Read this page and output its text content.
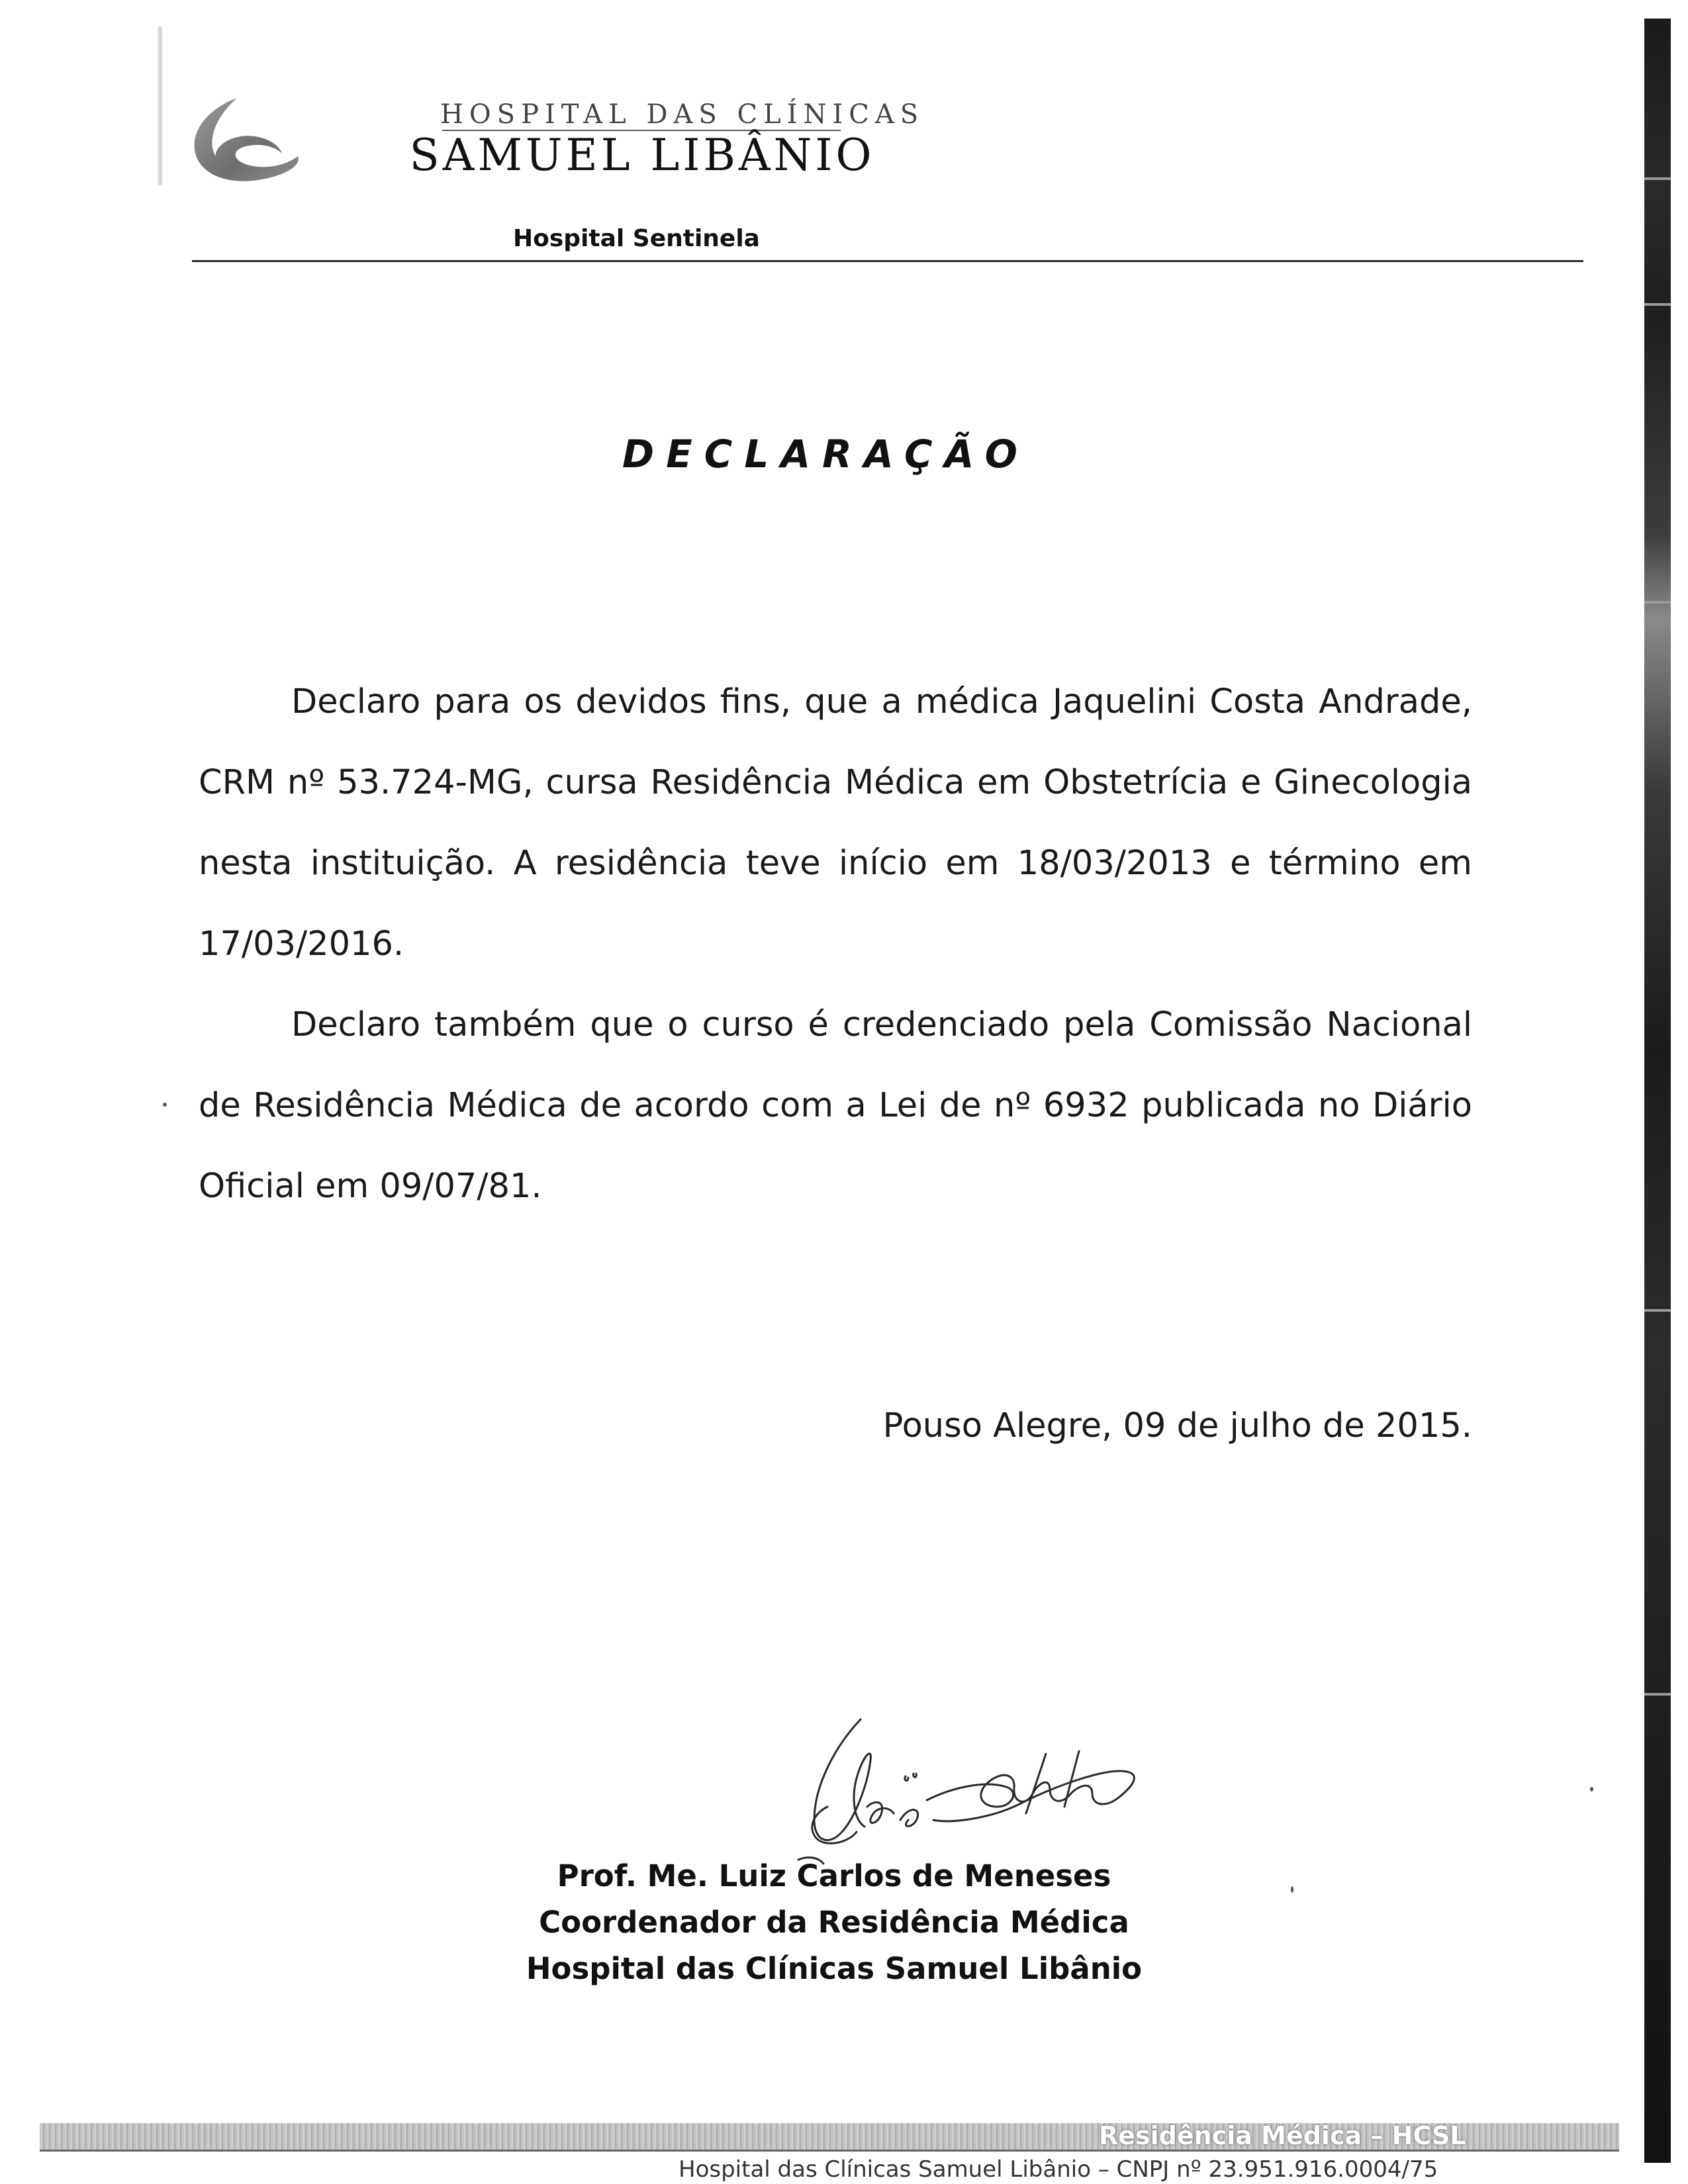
HOSPITAL DAS CLÍNICAS
SAMUEL LIBÂNIO
Hospital Sentinela
DECLARAÇÃO

Declaro para os devidos fins, que a médica Jaquelini Costa Andrade, CRM nº 53.724-MG, cursa Residência Médica em Obstetrícia e Ginecologia nesta instituição. A residência teve início em 18/03/2013 e término em 17/03/2016.

Declaro também que o curso é credenciado pela Comissão Nacional de Residência Médica de acordo com a Lei de nº 6932 publicada no Diário Oficial em 09/07/81.

Pouso Alegre, 09 de julho de 2015.
Prof. Me. Luiz Carlos de Meneses
Coordenador da Residência Médica
Hospital das Clínicas Samuel Libânio
Residência Médica – HCSL
Hospital das Clínicas Samuel Libânio – CNPJ nº 23.951.916.0004/75
